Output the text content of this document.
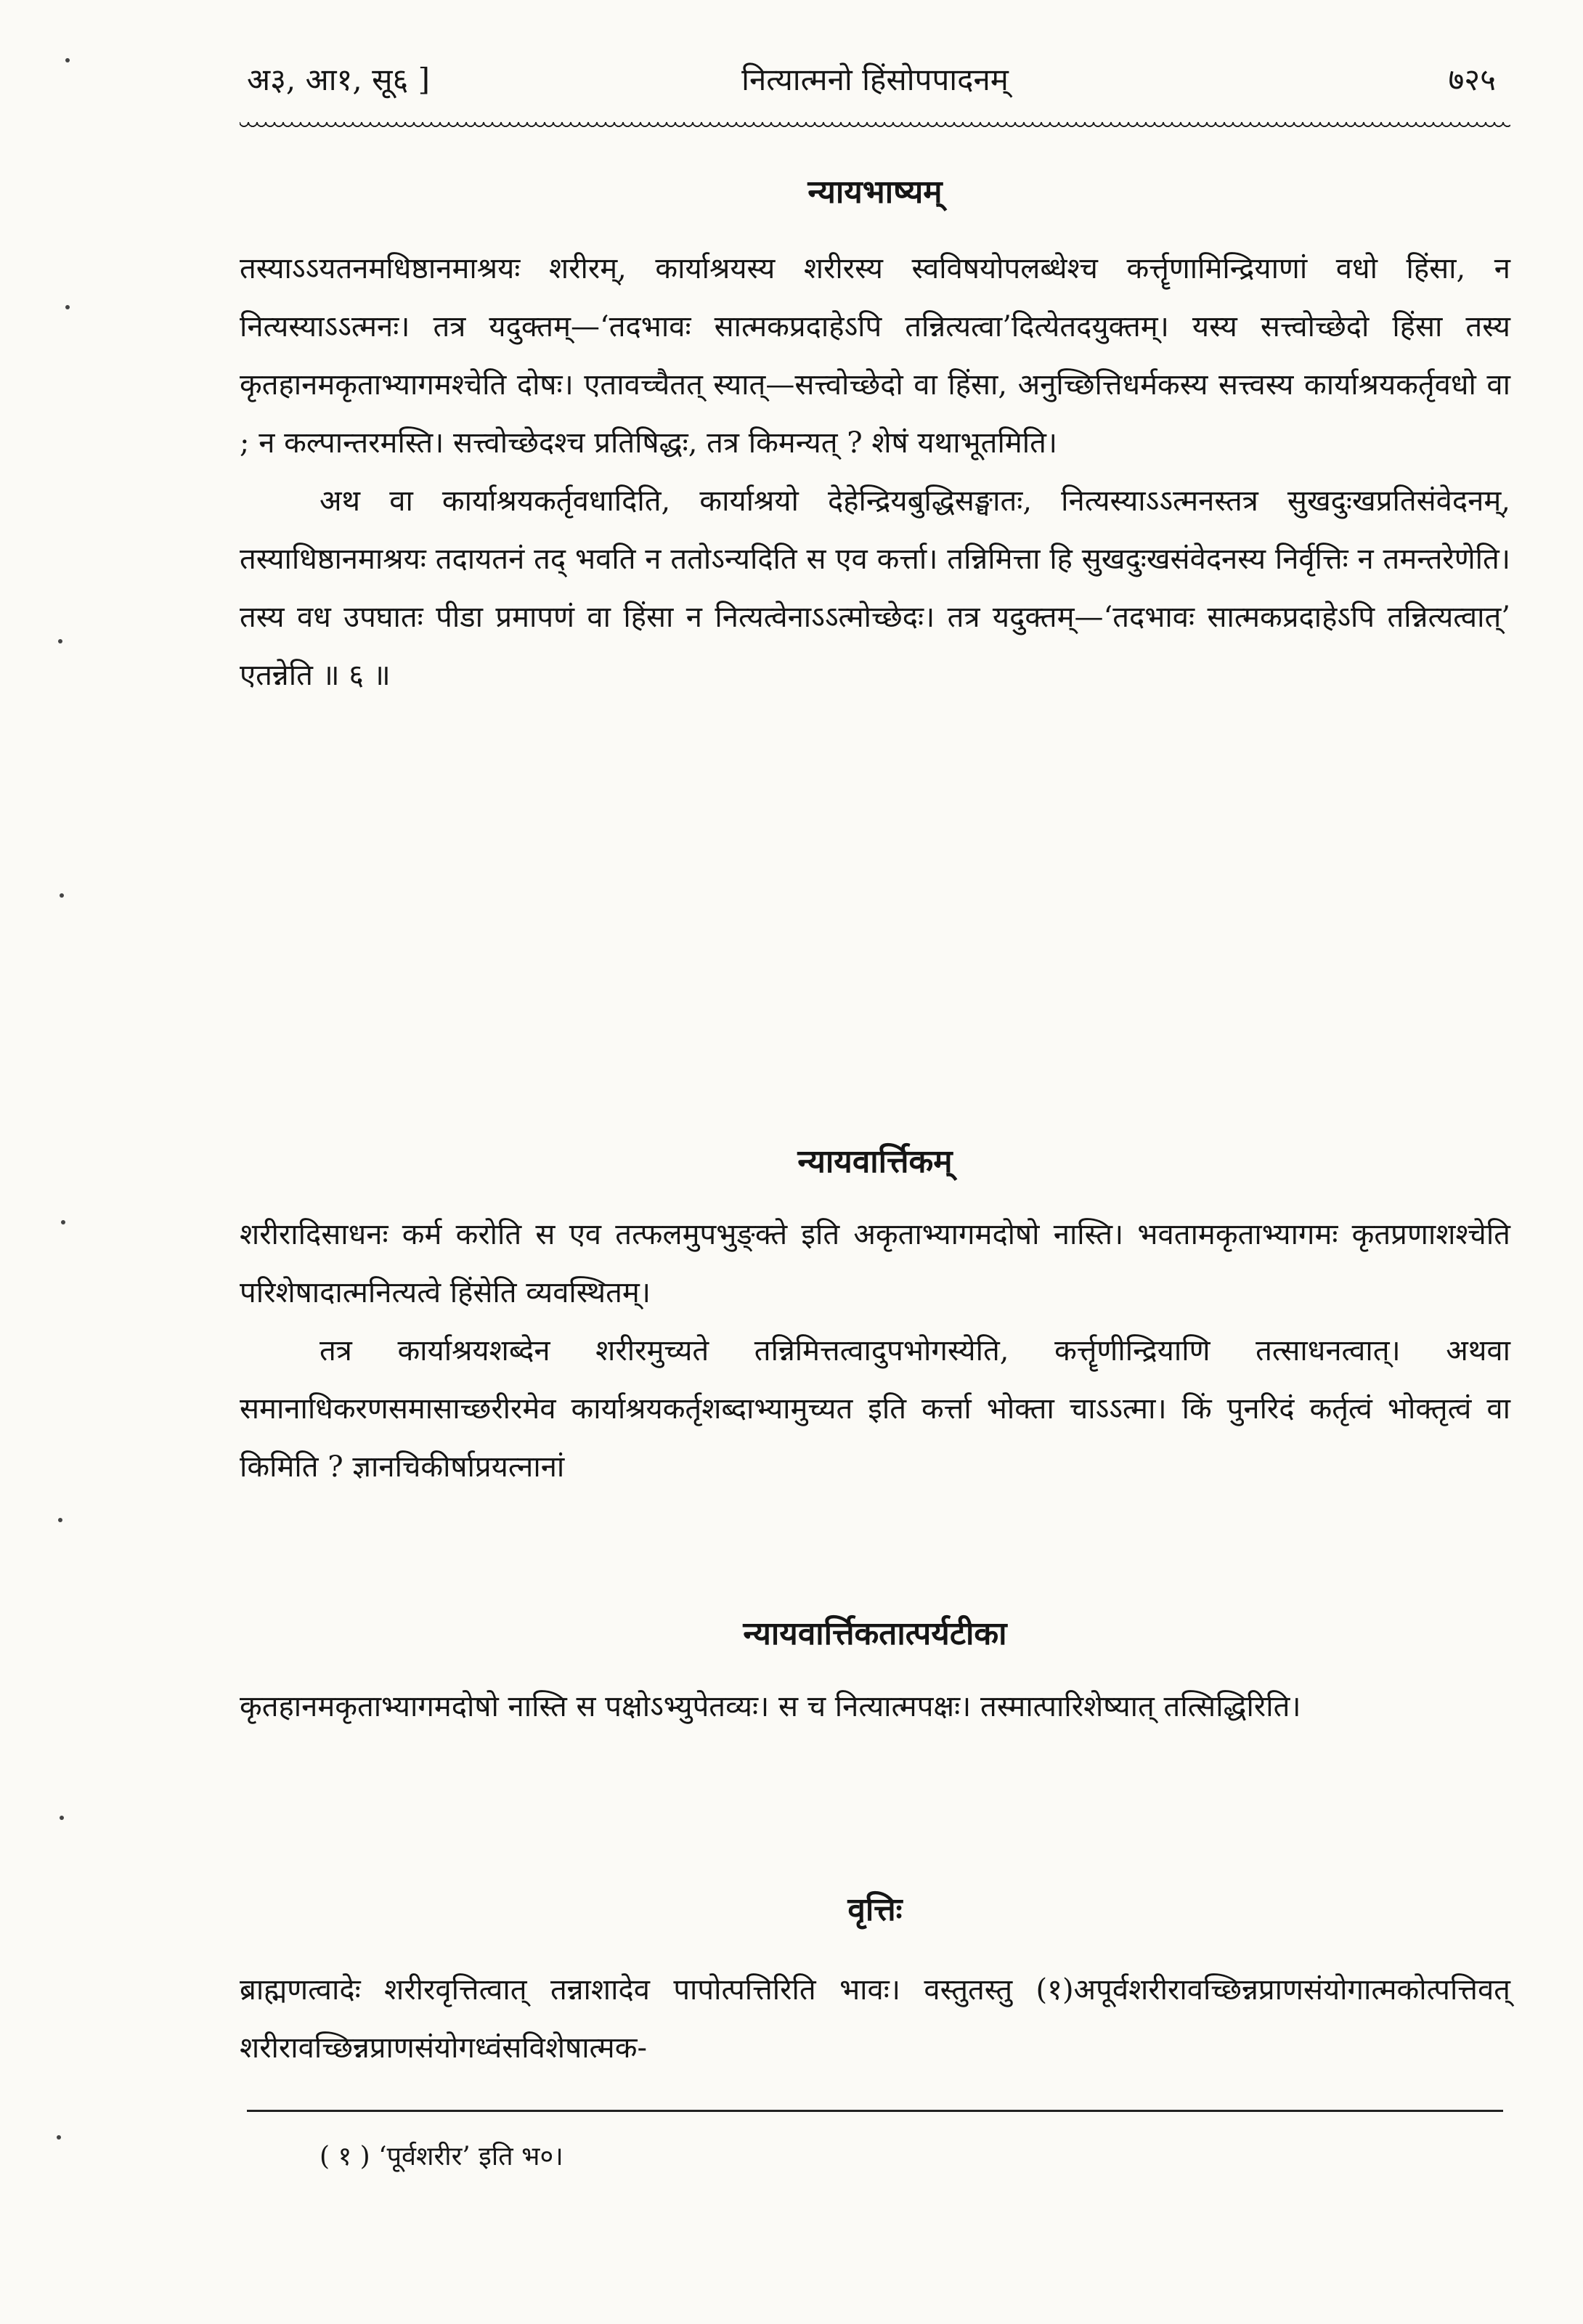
अ३, आ१, सू६ ]	नित्यात्मनो हिंसोपपादनम्	७२५
न्यायभाष्यम्

तस्याऽऽयतनमधिष्ठानमाश्रयः शरीरम्, कार्याश्रयस्य शरीरस्य स्वविषयोपलब्धेश्च कर्त्तॄणामिन्द्रियाणां वधो हिंसा, न नित्यस्याऽऽत्मनः। तत्र यदुक्तम्—‘तदभावः सात्मकप्रदाहेऽपि तन्नित्यत्वा’दित्येतदयुक्तम्। यस्य सत्त्वोच्छेदो हिंसा तस्य कृतहानमकृताभ्यागमश्चेति दोषः। एतावच्चैतत् स्यात्—सत्त्वोच्छेदो वा हिंसा, अनुच्छित्तिधर्मकस्य सत्त्वस्य कार्याश्रयकर्तृवधो वा ; न कल्पान्तरमस्ति। सत्त्वोच्छेदश्च प्रतिषिद्धः, तत्र किमन्यत् ? शेषं यथाभूतमिति।

अथ वा कार्याश्रयकर्तृवधादिति, कार्याश्रयो देहेन्द्रियबुद्धिसङ्घातः, नित्यस्याऽऽत्मनस्तत्र सुखदुःखप्रतिसंवेदनम्, तस्याधिष्ठानमाश्रयः तदायतनं तद् भवति न ततोऽन्यदिति स एव कर्त्ता। तन्निमित्ता हि सुखदुःखसंवेदनस्य निर्वृत्तिः न तमन्तरेणेति। तस्य वध उपघातः पीडा प्रमापणं वा हिंसा न नित्यत्वेनाऽऽत्मोच्छेदः। तत्र यदुक्तम्—‘तदभावः सात्मकप्रदाहेऽपि तन्नित्यत्वात्’ एतन्नेति ॥ ६ ॥

न्यायवार्त्तिकम्

शरीरादिसाधनः कर्म करोति स एव तत्फलमुपभुङ्क्ते इति अकृताभ्यागमदोषो नास्ति। भवतामकृताभ्यागमः कृतप्रणाशश्चेति परिशेषादात्मनित्यत्वे हिंसेति व्यवस्थितम्।

तत्र कार्याश्रयशब्देन शरीरमुच्यते तन्निमित्तत्वादुपभोगस्येति, कर्त्तॄणीन्द्रियाणि तत्साधनत्वात्। अथवा समानाधिकरणसमासाच्छरीरमेव कार्याश्रयकर्तृशब्दाभ्यामुच्यत इति कर्त्ता भोक्ता चाऽऽत्मा। किं पुनरिदं कर्तृत्वं भोक्तृत्वं वा किमिति ? ज्ञानचिकीर्षाप्रयत्नानां

न्यायवार्त्तिकतात्पर्यटीका

कृतहानमकृताभ्यागमदोषो नास्ति स पक्षोऽभ्युपेतव्यः। स च नित्यात्मपक्षः। तस्मात्पारिशेष्यात् तत्सिद्धिरिति।

वृत्तिः

ब्राह्मणत्वादेः शरीरवृत्तित्वात् तन्नाशादेव पापोत्पत्तिरिति भावः। वस्तुतस्तु (१)अपूर्वशरीरावच्छिन्नप्राणसंयोगात्मकोत्पत्तिवत् शरीरावच्छिन्नप्राणसंयोगध्वंसविशेषात्मक-

( १ ) ‘पूर्वशरीर’ इति भ०।
